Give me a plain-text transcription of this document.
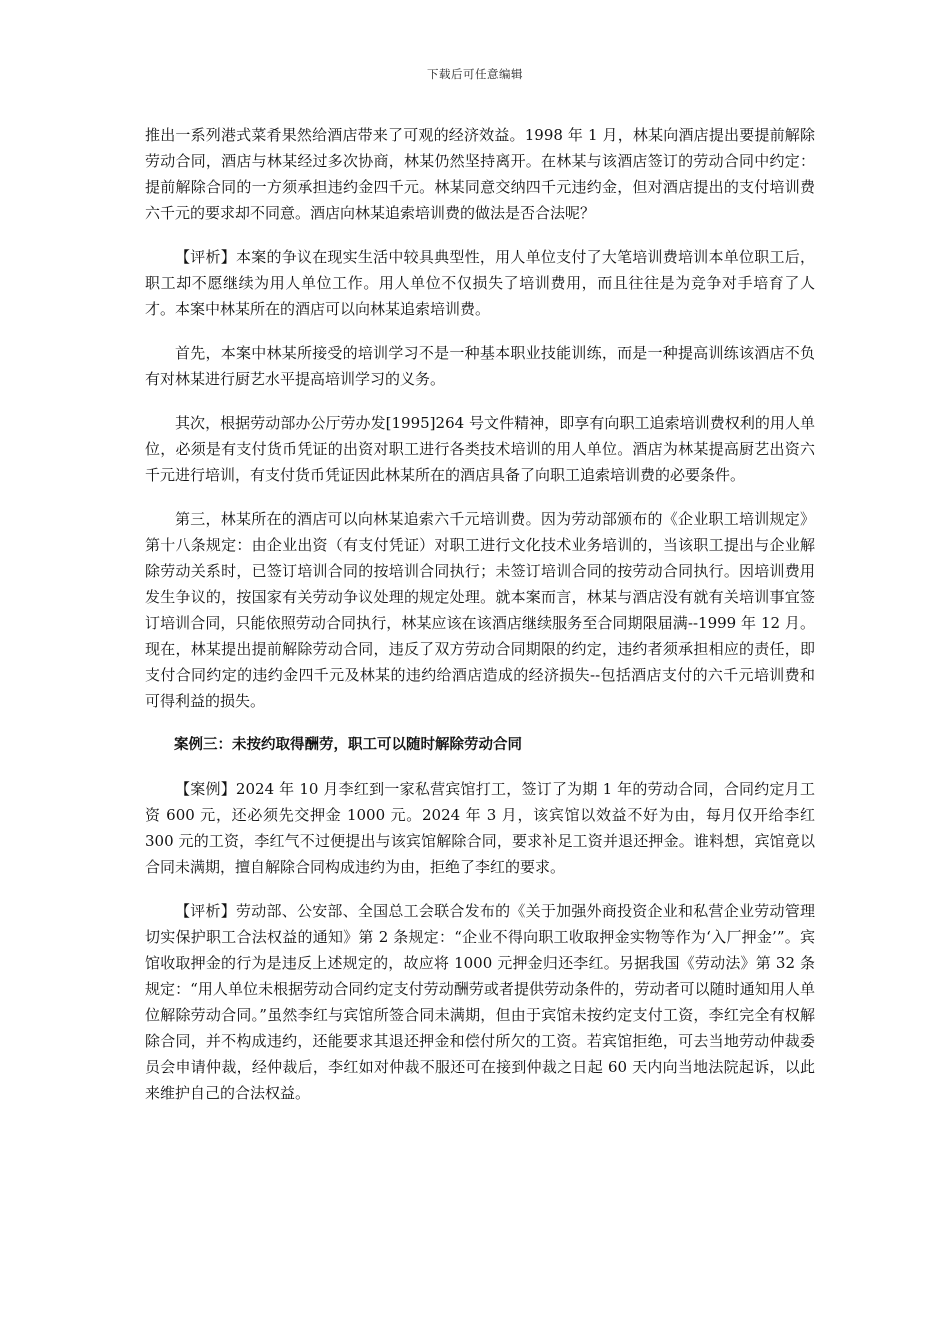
下载后可任意编辑

推出一系列港式菜肴果然给酒店带来了可观的经济效益。1998 年 1 月，林某向酒店提出要提前解除劳动合同，酒店与林某经过多次协商，林某仍然坚持离开。在林某与该酒店签订的劳动合同中约定：提前解除合同的一方须承担违约金四千元。林某同意交纳四千元违约金，但对酒店提出的支付培训费六千元的要求却不同意。酒店向林某追索培训费的做法是否合法呢？

【评析】本案的争议在现实生活中较具典型性，用人单位支付了大笔培训费培训本单位职工后，职工却不愿继续为用人单位工作。用人单位不仅损失了培训费用，而且往往是为竞争对手培育了人才。本案中林某所在的酒店可以向林某追索培训费。

首先，本案中林某所接受的培训学习不是一种基本职业技能训练，而是一种提高训练该酒店不负有对林某进行厨艺水平提高培训学习的义务。

其次，根据劳动部办公厅劳办发[1995]264 号文件精神，即享有向职工追索培训费权利的用人单位，必须是有支付货币凭证的出资对职工进行各类技术培训的用人单位。酒店为林某提高厨艺出资六千元进行培训，有支付货币凭证因此林某所在的酒店具备了向职工追索培训费的必要条件。

第三，林某所在的酒店可以向林某追索六千元培训费。因为劳动部颁布的《企业职工培训规定》第十八条规定：由企业出资（有支付凭证）对职工进行文化技术业务培训的，当该职工提出与企业解除劳动关系时，已签订培训合同的按培训合同执行；未签订培训合同的按劳动合同执行。因培训费用发生争议的，按国家有关劳动争议处理的规定处理。就本案而言，林某与酒店没有就有关培训事宜签订培训合同，只能依照劳动合同执行，林某应该在该酒店继续服务至合同期限届满--1999 年 12 月。现在，林某提出提前解除劳动合同，违反了双方劳动合同期限的约定，违约者须承担相应的责任，即支付合同约定的违约金四千元及林某的违约给酒店造成的经济损失--包括酒店支付的六千元培训费和可得利益的损失。

案例三：未按约取得酬劳，职工可以随时解除劳动合同

【案例】2024 年 10 月李红到一家私营宾馆打工，签订了为期 1 年的劳动合同，合同约定月工资 600 元，还必须先交押金 1000 元。2024 年 3 月，该宾馆以效益不好为由，每月仅开给李红 300 元的工资，李红气不过便提出与该宾馆解除合同，要求补足工资并退还押金。谁料想，宾馆竟以合同未满期，擅自解除合同构成违约为由，拒绝了李红的要求。

【评析】劳动部、公安部、全国总工会联合发布的《关于加强外商投资企业和私营企业劳动管理切实保护职工合法权益的通知》第 2 条规定：“企业不得向职工收取押金实物等作为‘入厂押金’”。宾馆收取押金的行为是违反上述规定的，故应将 1000 元押金归还李红。另据我国《劳动法》第 32 条规定：“用人单位未根据劳动合同约定支付劳动酬劳或者提供劳动条件的，劳动者可以随时通知用人单位解除劳动合同。”虽然李红与宾馆所签合同未满期，但由于宾馆未按约定支付工资，李红完全有权解除合同，并不构成违约，还能要求其退还押金和偿付所欠的工资。若宾馆拒绝，可去当地劳动仲裁委员会申请仲裁，经仲裁后，李红如对仲裁不服还可在接到仲裁之日起 60 天内向当地法院起诉，以此来维护自己的合法权益。
